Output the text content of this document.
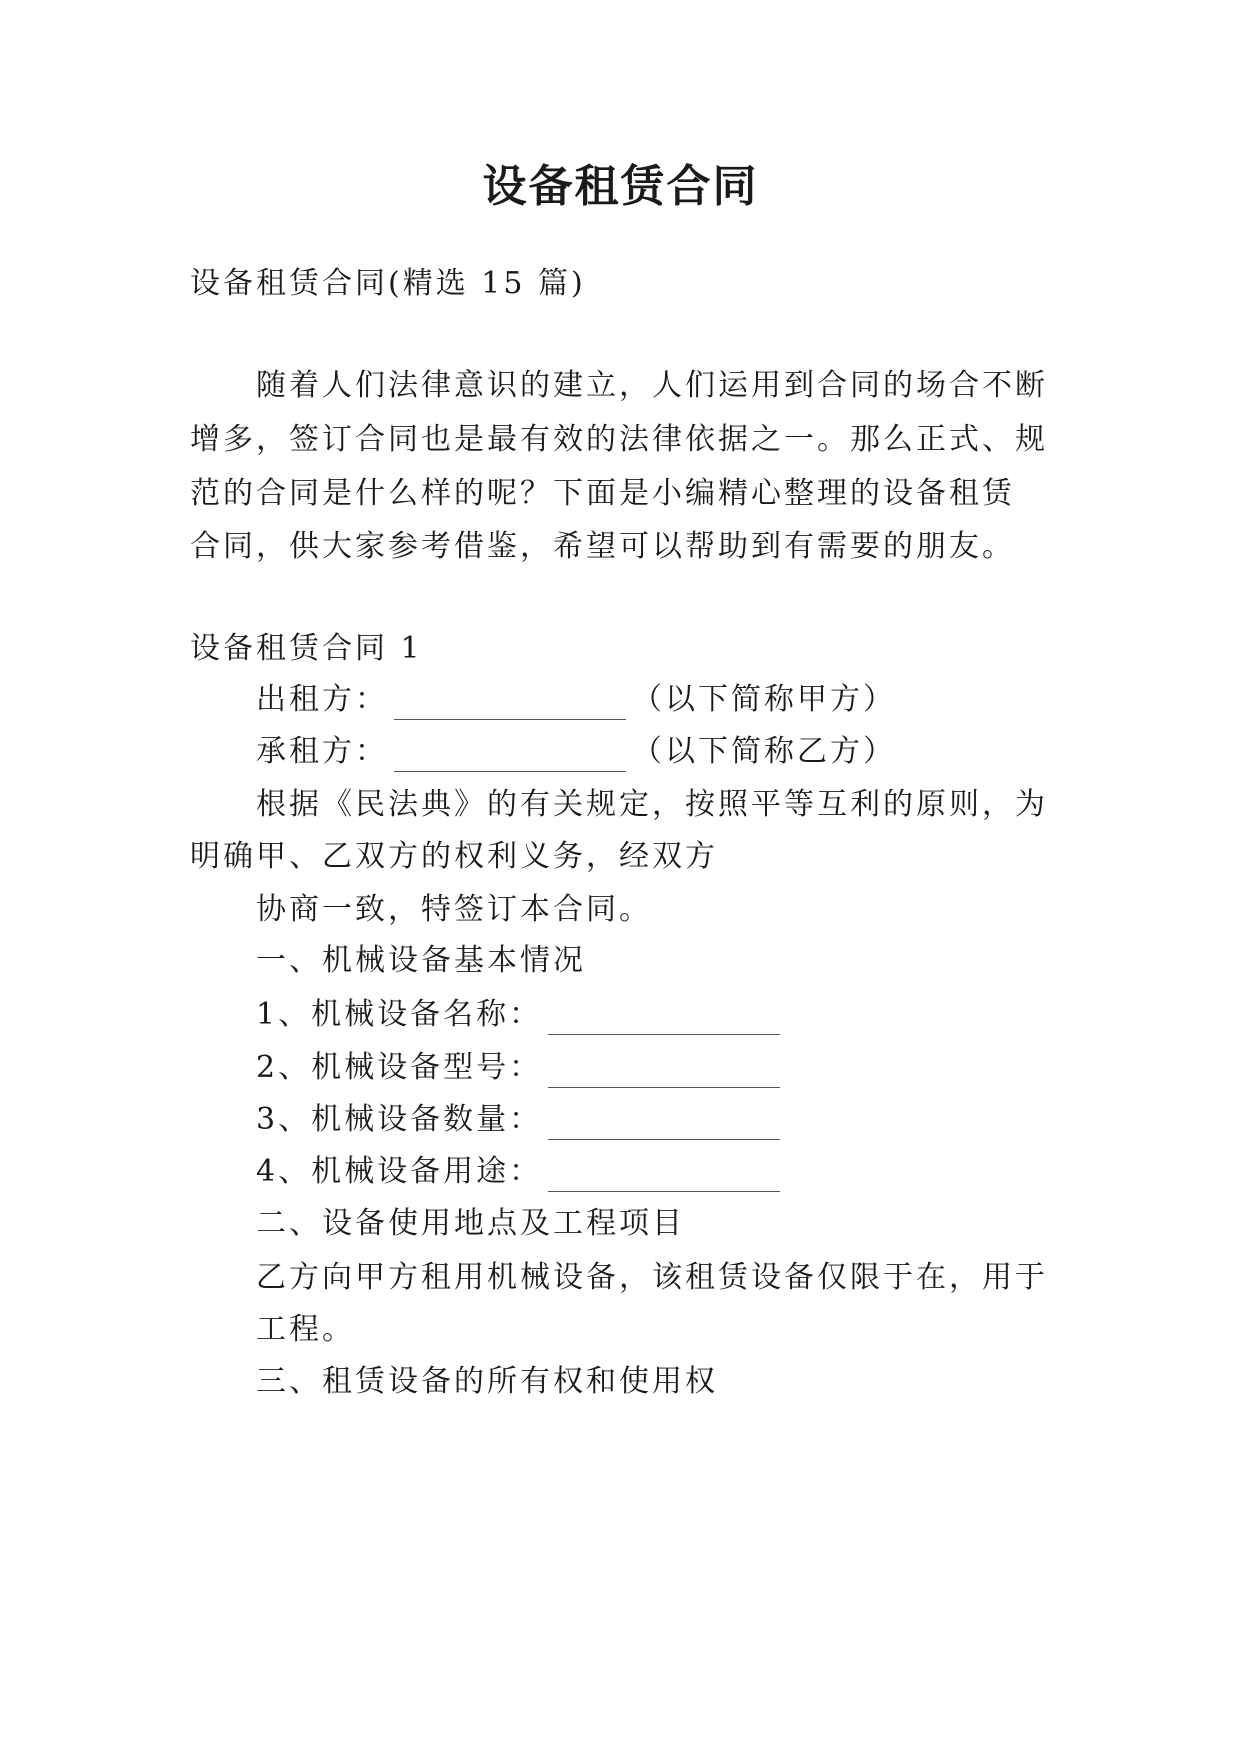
设备租赁合同
设备租赁合同(精选 15 篇)
随着人们法律意识的建立，人们运用到合同的场合不断
增多，签订合同也是最有效的法律依据之一。那么正式、规
范的合同是什么样的呢？下面是小编精心整理的设备租赁
合同，供大家参考借鉴，希望可以帮助到有需要的朋友。
设备租赁合同 1
出租方：	（以下简称甲方）
承租方：	（以下简称乙方）
根据《民法典》的有关规定，按照平等互利的原则，为
明确甲、乙双方的权利义务，经双方
协商一致，特签订本合同。
一、机械设备基本情况
1、机械设备名称：
2、机械设备型号：
3、机械设备数量：
4、机械设备用途：
二、设备使用地点及工程项目
乙方向甲方租用机械设备，该租赁设备仅限于在，用于
工程。
三、租赁设备的所有权和使用权
